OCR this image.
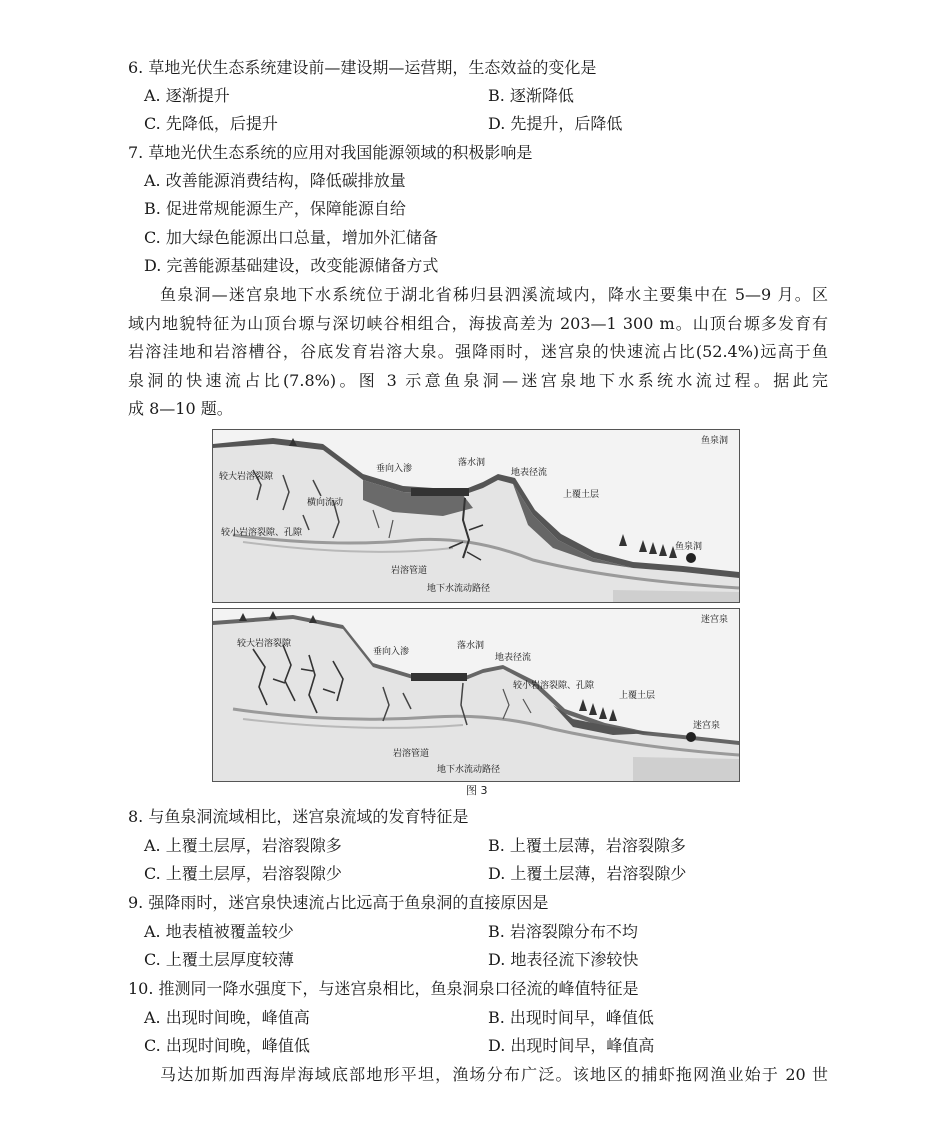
6. 草地光伏生态系统建设前—建设期—运营期，生态效益的变化是
A. 逐渐提升	B. 逐渐降低
C. 先降低，后提升	D. 先提升，后降低
7. 草地光伏生态系统的应用对我国能源领域的积极影响是
A. 改善能源消费结构，降低碳排放量
B. 促进常规能源生产，保障能源自给
C. 加大绿色能源出口总量，增加外汇储备
D. 完善能源基础建设，改变能源储备方式
鱼泉洞—迷宫泉地下水系统位于湖北省秭归县泗溪流域内，降水主要集中在 5—9 月。区
域内地貌特征为山顶台塬与深切峡谷相组合，海拔高差为 203—1 300 m。山顶台塬多发育有
岩溶洼地和岩溶槽谷，谷底发育岩溶大泉。强降雨时，迷宫泉的快速流占比(52.4%)远高于鱼
泉洞的快速流占比(7.8%)。图 3 示意鱼泉洞—迷宫泉地下水系统水流过程。据此完
成 8—10 题。
鱼泉洞
较大岩溶裂隙
垂向入渗
落水洞
地表径流
横向流动
上覆土层
较小岩溶裂隙、孔隙
鱼泉洞
岩溶管道
地下水流动路径
迷宫泉
较大岩溶裂隙
垂向入渗
落水洞
地表径流
较小岩溶裂隙、孔隙
上覆土层
迷宫泉
岩溶管道
地下水流动路径
图 3
8. 与鱼泉洞流域相比，迷宫泉流域的发育特征是
A. 上覆土层厚，岩溶裂隙多	B. 上覆土层薄，岩溶裂隙多
C. 上覆土层厚，岩溶裂隙少	D. 上覆土层薄，岩溶裂隙少
9. 强降雨时，迷宫泉快速流占比远高于鱼泉洞的直接原因是
A. 地表植被覆盖较少	B. 岩溶裂隙分布不均
C. 上覆土层厚度较薄	D. 地表径流下渗较快
10. 推测同一降水强度下，与迷宫泉相比，鱼泉洞泉口径流的峰值特征是
A. 出现时间晚，峰值高	B. 出现时间早，峰值低
C. 出现时间晚，峰值低	D. 出现时间早，峰值高
马达加斯加西海岸海域底部地形平坦，渔场分布广泛。该地区的捕虾拖网渔业始于 20 世
